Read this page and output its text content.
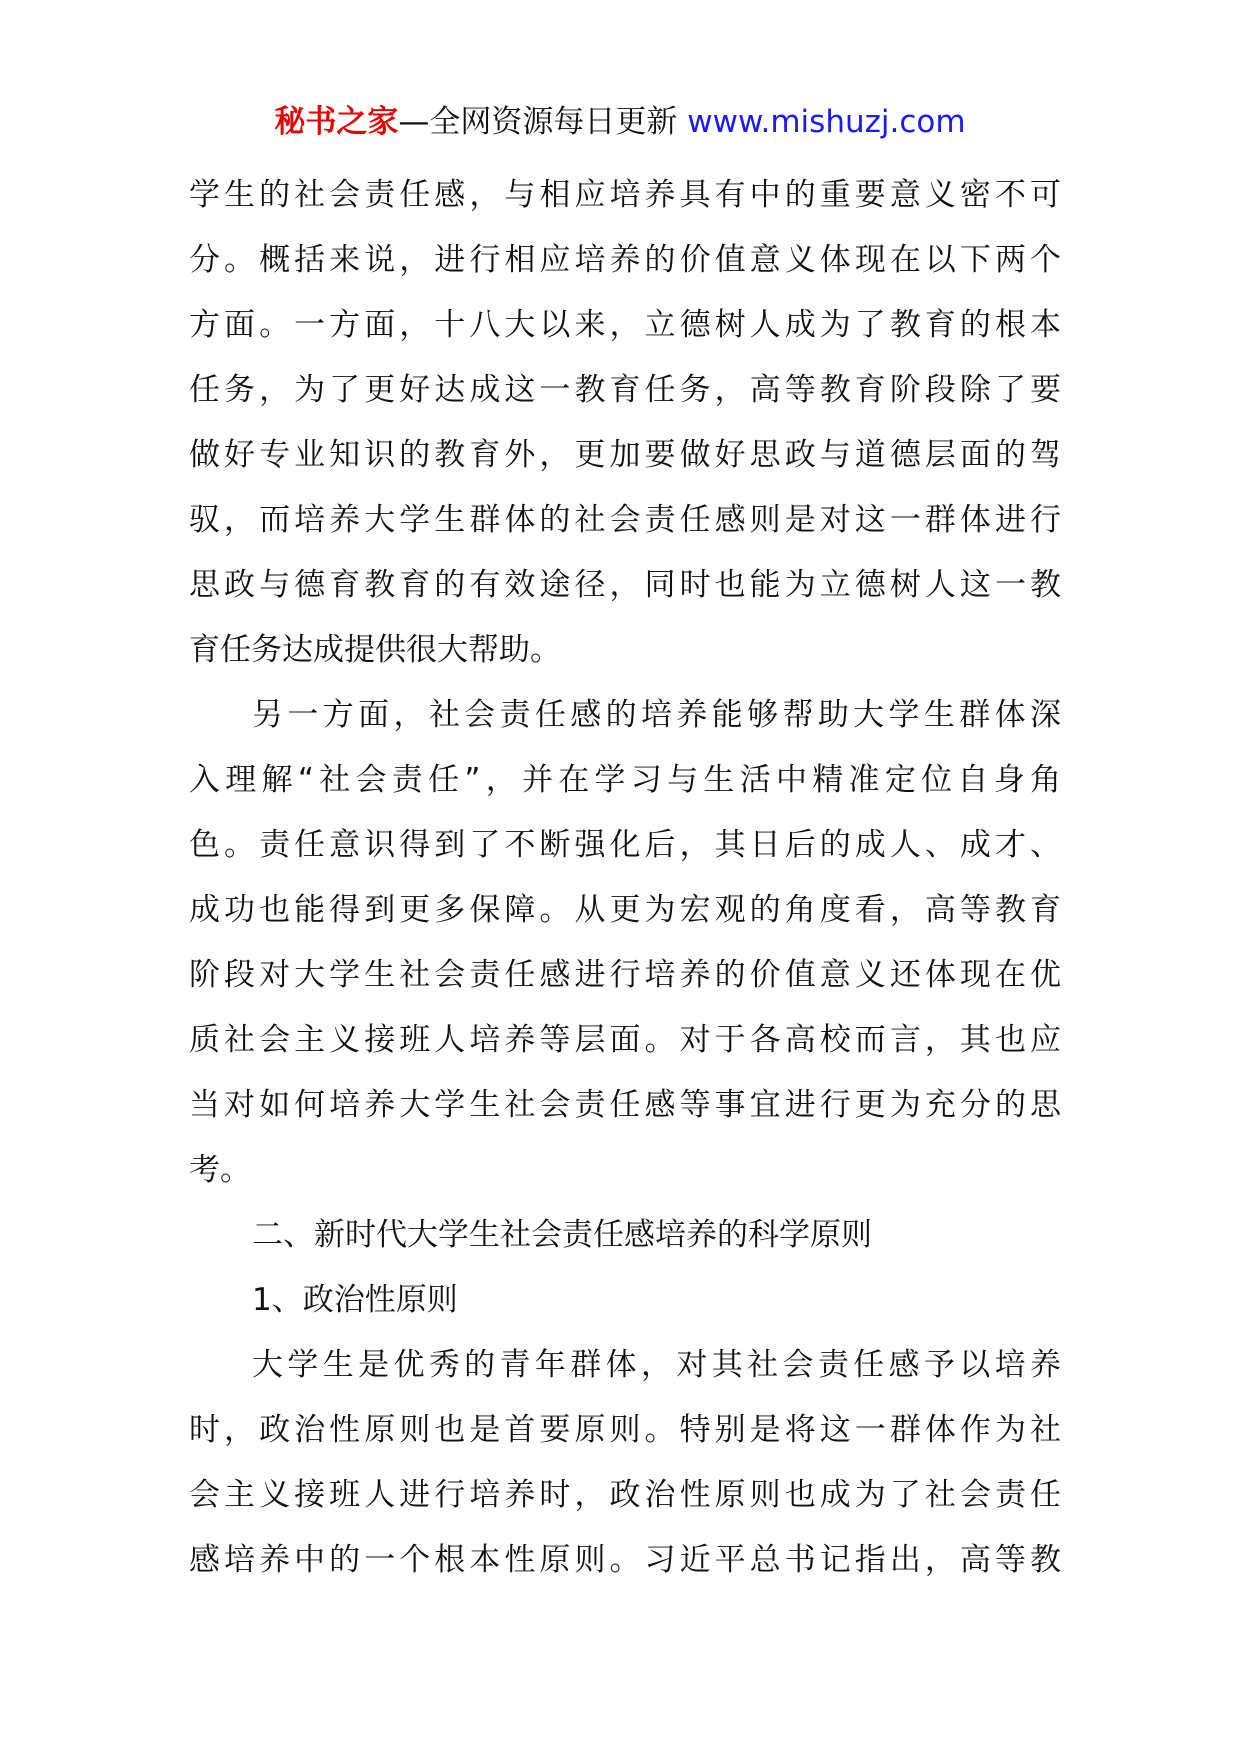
秘书之家—全网资源每日更新 www.mishuzj.com
学生的社会责任感，与相应培养具有中的重要意义密不可
分。概括来说，进行相应培养的价值意义体现在以下两个
方面。一方面，十八大以来，立德树人成为了教育的根本
任务，为了更好达成这一教育任务，高等教育阶段除了要
做好专业知识的教育外，更加要做好思政与道德层面的驾
驭，而培养大学生群体的社会责任感则是对这一群体进行
思政与德育教育的有效途径，同时也能为立德树人这一教
育任务达成提供很大帮助。
另一方面，社会责任感的培养能够帮助大学生群体深
入理解“社会责任”，并在学习与生活中精准定位自身角
色。责任意识得到了不断强化后，其日后的成人、成才、
成功也能得到更多保障。从更为宏观的角度看，高等教育
阶段对大学生社会责任感进行培养的价值意义还体现在优
质社会主义接班人培养等层面。对于各高校而言，其也应
当对如何培养大学生社会责任感等事宜进行更为充分的思
考。
二、新时代大学生社会责任感培养的科学原则
1、政治性原则
大学生是优秀的青年群体，对其社会责任感予以培养
时，政治性原则也是首要原则。特别是将这一群体作为社
会主义接班人进行培养时，政治性原则也成为了社会责任
感培养中的一个根本性原则。习近平总书记指出，高等教
